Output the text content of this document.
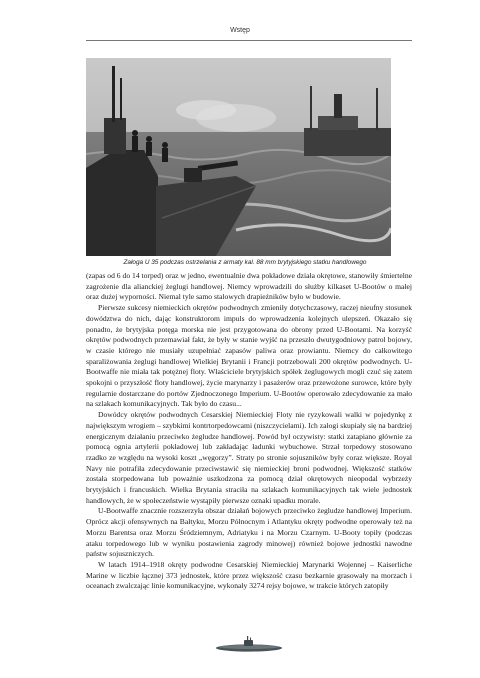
Wstęp
Załoga U 35 podczas ostrzelania z armaty kal. 88 mm brytyjskiego statku handlowego

(zapas od 6 do 14 torped) oraz w jedno, ewentualnie dwa pokładowe działa okrętowe, stanowiły śmiertelne zagrożenie dla alianckiej żeglugi handlowej. Niemcy wprowadzili do służby kilkaset U-Bootów o małej oraz dużej wyporności. Niemal tyle samo stalowych drapieżników było w budowie.

Pierwsze sukcesy niemieckich okrętów podwodnych zmieniły dotychczasowy, raczej nieufny stosunek dowództwa do nich, dając konstruktorom impuls do wprowadzenia kolejnych ulepszeń. Okazało się ponadto, że brytyjska potęga morska nie jest przygotowana do obrony przed U-Bootami. Na korzyść okrętów podwodnych przemawiał fakt, że były w stanie wyjść na przeszło dwutygodniowy patrol bojowy, w czasie którego nie musiały uzupełniać zapasów paliwa oraz prowiantu. Niemcy do całkowitego sparaliżowania żeglugi handlowej Wielkiej Brytanii i Francji potrzebowali 200 okrętów podwodnych. U-Bootwaffe nie miała tak potężnej floty. Właściciele brytyjskich spółek żeglugowych mogli czuć się zatem spokojni o przyszłość floty handlowej, życie marynarzy i pasażerów oraz przewożone surowce, które były regularnie dostarczane do portów Zjednoczonego Imperium. U-Bootów operowało zdecydowanie za mało na szlakach komunikacyjnych. Tak było do czasu...

Dowódcy okrętów podwodnych Cesarskiej Niemieckiej Floty nie ryzykowali walki w pojedynkę z największym wrogiem – szybkimi kontrtorpedowcami (niszczycielami). Ich załogi skupiały się na bardziej energicznym działaniu przeciwko żegludze handlowej. Powód był oczywisty: statki zatapiano głównie za pomocą ognia artylerii pokładowej lub zakładając ładunki wybuchowe. Strzał torpedowy stosowano rzadko ze względu na wysoki koszt „węgorzy”. Straty po stronie sojuszników były coraz większe. Royal Navy nie potrafiła zdecydowanie przeciwstawić się niemieckiej broni podwodnej. Większość statków została storpedowana lub poważnie uszkodzona za pomocą dział okrętowych nieopodal wybrzeży brytyjskich i francuskich. Wielka Brytania straciła na szlakach komunikacyjnych tak wiele jednostek handlowych, że w społeczeństwie wystąpiły pierwsze oznaki upadku morale.

U-Bootwaffe znacznie rozszerzyła obszar działań bojowych przeciwko żegludze handlowej Imperium. Oprócz akcji ofensywnych na Bałtyku, Morzu Północnym i Atlantyku okręty podwodne operowały też na Morzu Barentsa oraz Morzu Śródziemnym, Adriatyku i na Morzu Czarnym. U-Booty topiły (podczas ataku torpedowego lub w wyniku postawienia zagrody minowej) również bojowe jednostki nawodne państw sojuszniczych.

W latach 1914–1918 okręty podwodne Cesarskiej Niemieckiej Marynarki Wojennej – Kaiserliche Marine w liczbie łącznej 373 jednostek, które przez większość czasu bezkarnie grasowały na morzach i oceanach zwalczając linie komunikacyjne, wykonały 3274 rejsy bojowe, w trakcie których zatopiły
